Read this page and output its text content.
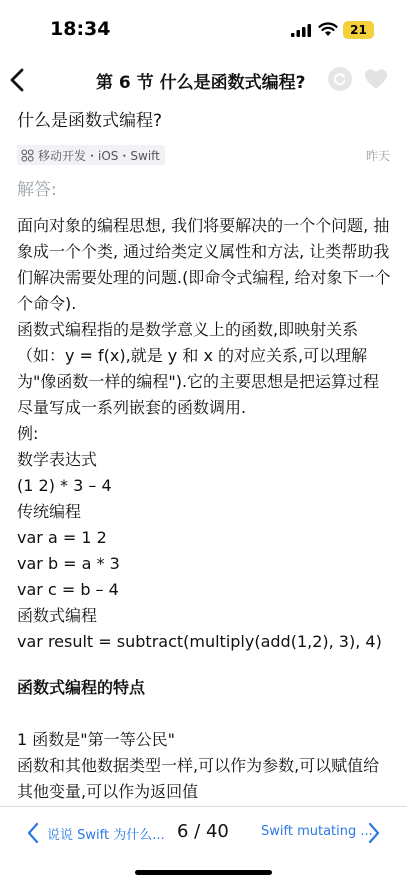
18:34	21
第 6 节 什么是函数式编程?
什么是函数式编程?
移动开发・iOS・Swift	昨天
解答:

面向对象的编程思想, 我们将要解决的一个个问题, 抽象成一个个类, 通过给类定义属性和方法, 让类帮助我们解决需要处理的问题.(即命令式编程, 给对象下一个个命令).

函数式编程指的是数学意义上的函数,即映射关系（如：y = f(x),就是 y 和 x 的对应关系,可以理解为"像函数一样的编程").它的主要思想是把运算过程尽量写成一系列嵌套的函数调用.

例:

数学表达式

(1 2) * 3 – 4

传统编程

var a = 1 2

var b = a * 3

var c = b – 4

函数式编程

var result = subtract(multiply(add(1,2), 3), 4)

函数式编程的特点

1 函数是"第一等公民"

函数和其他数据类型一样,可以作为参数,可以赋值给其他变量,可以作为返回值

说说 Swift 为什么... 6 / 40 Swift mutating ...
